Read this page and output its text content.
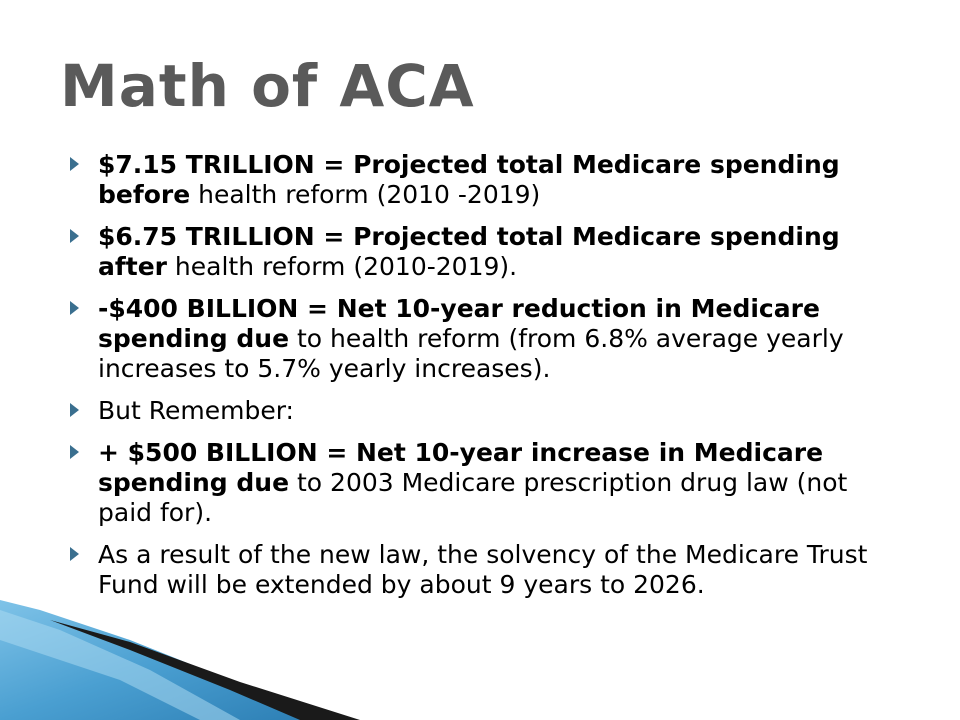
Math of ACA
$7.15 TRILLION = Projected total Medicare spending before health reform (2010 -2019)
$6.75 TRILLION = Projected total Medicare spending after health reform (2010-2019).
-$400 BILLION = Net 10-year reduction in Medicare spending due to health reform (from 6.8% average yearly increases to 5.7% yearly increases).
But Remember:
+ $500 BILLION = Net 10-year increase in Medicare spending due to 2003 Medicare prescription drug law (not paid for).
As a result of the new law, the solvency of the Medicare Trust Fund will be extended by about 9 years to 2026.
